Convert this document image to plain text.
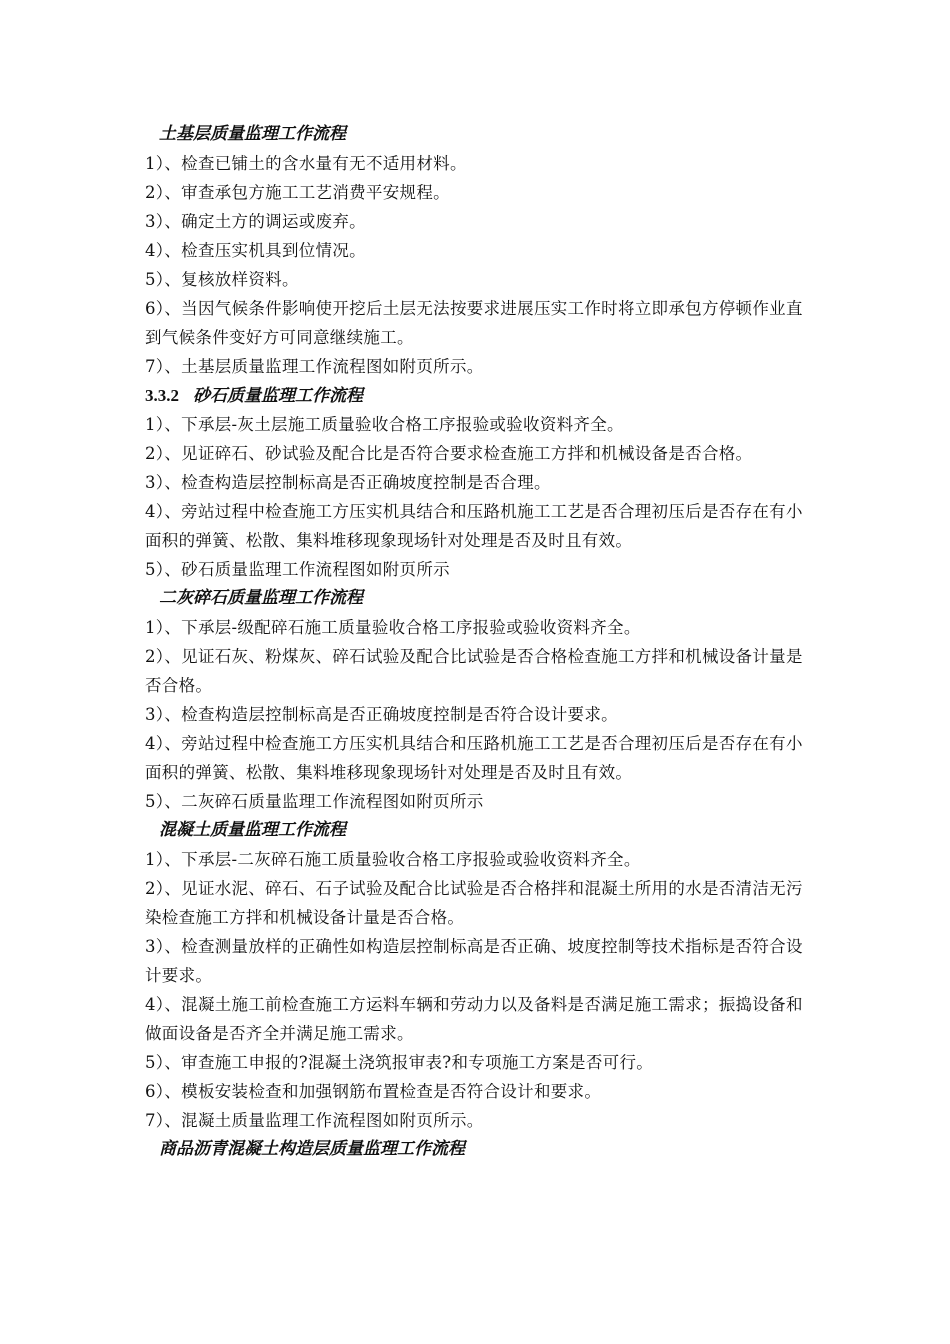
土基层质量监理工作流程

1）、检查已铺土的含水量有无不适用材料。

2）、审查承包方施工工艺消费平安规程。

3）、确定土方的调运或废弃。

4）、检查压实机具到位情况。

5）、复核放样资料。

6）、当因气候条件影响使开挖后土层无法按要求进展压实工作时将立即承包方停顿作业直到气候条件变好方可同意继续施工。

7）、土基层质量监理工作流程图如附页所示。

3.3.2 砂石质量监理工作流程

1）、下承层-灰土层施工质量验收合格工序报验或验收资料齐全。

2）、见证碎石、砂试验及配合比是否符合要求检查施工方拌和机械设备是否合格。

3）、检查构造层控制标高是否正确坡度控制是否合理。

4）、旁站过程中检查施工方压实机具结合和压路机施工工艺是否合理初压后是否存在有小面积的弹簧、松散、集料堆移现象现场针对处理是否及时且有效。

5）、砂石质量监理工作流程图如附页所示

二灰碎石质量监理工作流程

1）、下承层-级配碎石施工质量验收合格工序报验或验收资料齐全。

2）、见证石灰、粉煤灰、碎石试验及配合比试验是否合格检查施工方拌和机械设备计量是否合格。

3）、检查构造层控制标高是否正确坡度控制是否符合设计要求。

4）、旁站过程中检查施工方压实机具结合和压路机施工工艺是否合理初压后是否存在有小面积的弹簧、松散、集料堆移现象现场针对处理是否及时且有效。

5）、二灰碎石质量监理工作流程图如附页所示

混凝土质量监理工作流程

1）、下承层-二灰碎石施工质量验收合格工序报验或验收资料齐全。

2）、见证水泥、碎石、石子试验及配合比试验是否合格拌和混凝土所用的水是否清洁无污染检查施工方拌和机械设备计量是否合格。

3）、检查测量放样的正确性如构造层控制标高是否正确、坡度控制等技术指标是否符合设计要求。

4）、混凝土施工前检查施工方运料车辆和劳动力以及备料是否满足施工需求；振捣设备和做面设备是否齐全并满足施工需求。

5）、审查施工申报的?混凝土浇筑报审表?和专项施工方案是否可行。

6）、模板安装检查和加强钢筋布置检查是否符合设计和要求。

7）、混凝土质量监理工作流程图如附页所示。

商品沥青混凝土构造层质量监理工作流程
